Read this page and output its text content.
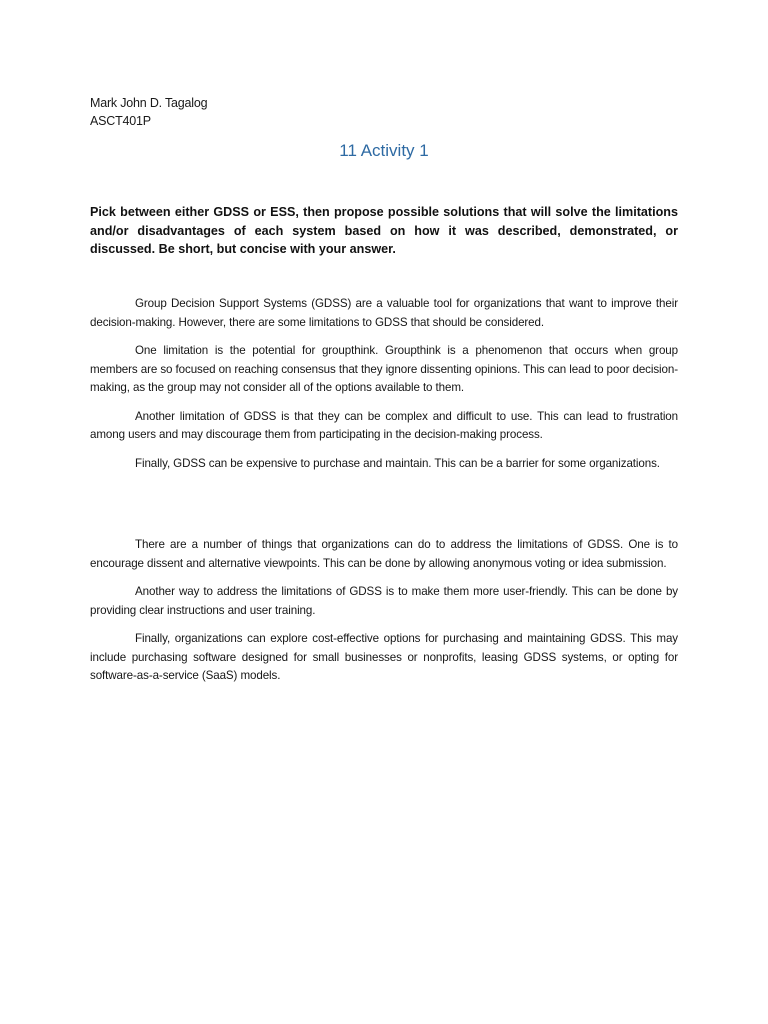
Mark John D. Tagalog
ASCT401P
11 Activity 1
Pick between either GDSS or ESS, then propose possible solutions that will solve the limitations and/or disadvantages of each system based on how it was described, demonstrated, or discussed. Be short, but concise with your answer.

Group Decision Support Systems (GDSS) are a valuable tool for organizations that want to improve their decision-making. However, there are some limitations to GDSS that should be considered.

One limitation is the potential for groupthink. Groupthink is a phenomenon that occurs when group members are so focused on reaching consensus that they ignore dissenting opinions. This can lead to poor decision-making, as the group may not consider all of the options available to them.

Another limitation of GDSS is that they can be complex and difficult to use. This can lead to frustration among users and may discourage them from participating in the decision-making process.

Finally, GDSS can be expensive to purchase and maintain. This can be a barrier for some organizations.

There are a number of things that organizations can do to address the limitations of GDSS. One is to encourage dissent and alternative viewpoints. This can be done by allowing anonymous voting or idea submission.

Another way to address the limitations of GDSS is to make them more user-friendly. This can be done by providing clear instructions and user training.

Finally, organizations can explore cost-effective options for purchasing and maintaining GDSS. This may include purchasing software designed for small businesses or nonprofits, leasing GDSS systems, or opting for software-as-a-service (SaaS) models.
